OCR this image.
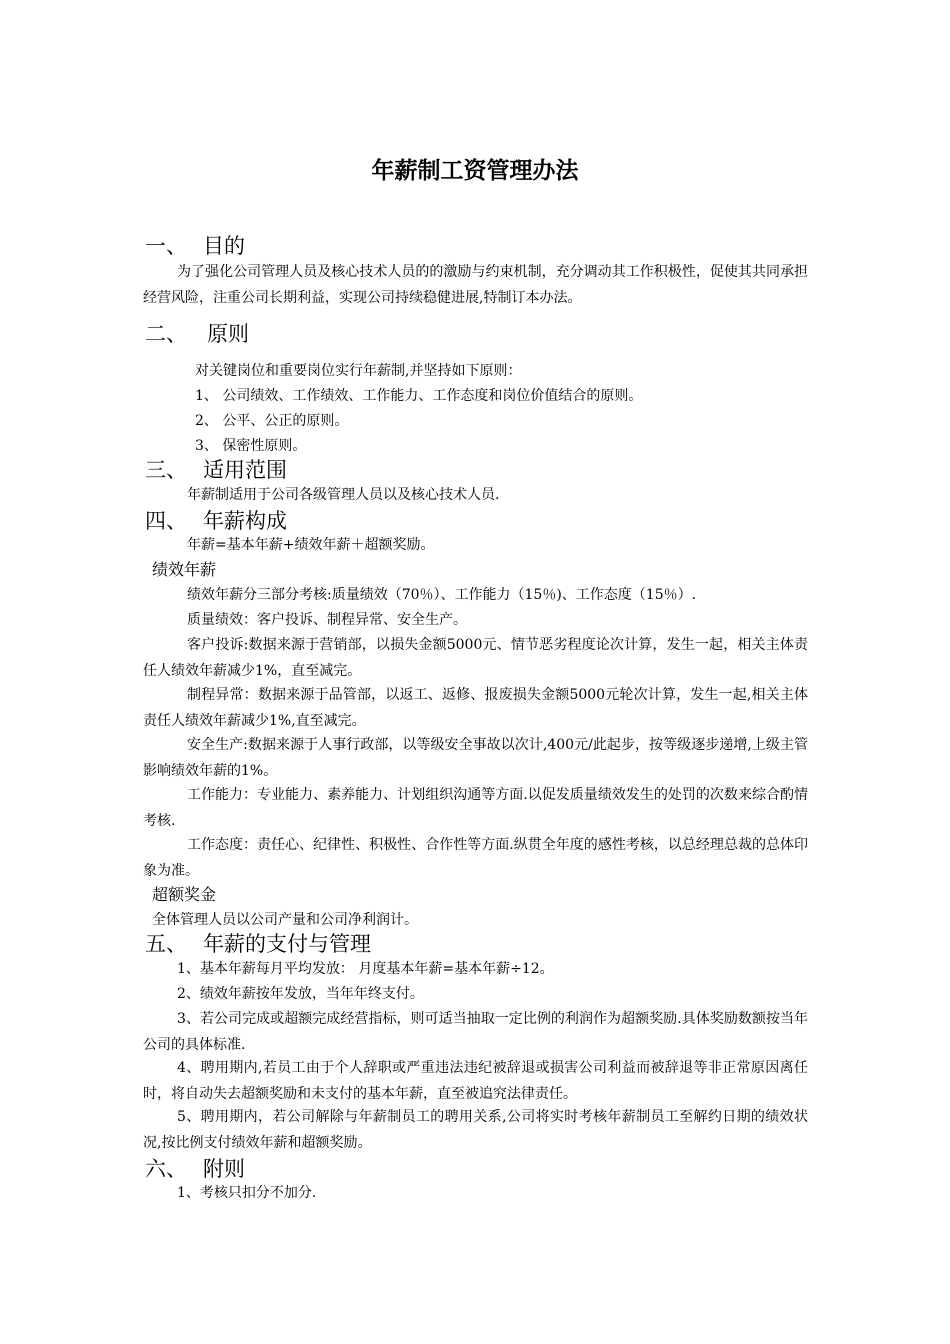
年薪制工资管理办法
一、 目的

为了强化公司管理人员及核心技术人员的的激励与约束机制，充分调动其工作积极性，促使其共同承担经营风险，注重公司长期利益，实现公司持续稳健进展,特制订本办法。

二、 原则

对关键岗位和重要岗位实行年薪制,并坚持如下原则：

1、 公司绩效、工作绩效、工作能力、工作态度和岗位价值结合的原则。

2、 公平、公正的原则。

3、 保密性原则。

三、 适用范围

年薪制适用于公司各级管理人员以及核心技术人员.

四、 年薪构成

年薪=基本年薪+绩效年薪＋超额奖励。

绩效年薪

绩效年薪分三部分考核:质量绩效（70％）、工作能力（15％)、工作态度（15％）.

质量绩效：客户投诉、制程异常、安全生产。

客户投诉:数据来源于营销部，以损失金额5000元、情节恶劣程度论次计算，发生一起，相关主体责任人绩效年薪减少1%，直至减完。

制程异常：数据来源于品管部，以返工、返修、报废损失金额5000元轮次计算，发生一起,相关主体责任人绩效年薪减少1%,直至减完。

安全生产:数据来源于人事行政部，以等级安全事故以次计,400元/此起步，按等级逐步递增,上级主管影响绩效年薪的1%。

工作能力：专业能力、素养能力、计划组织沟通等方面.以促发质量绩效发生的处罚的次数来综合酌情考核.

工作态度：责任心、纪律性、积极性、合作性等方面.纵贯全年度的感性考核，以总经理总裁的总体印象为准。

超额奖金

全体管理人员以公司产量和公司净利润计。

五、 年薪的支付与管理

1、基本年薪每月平均发放： 月度基本年薪=基本年薪÷12。

2、绩效年薪按年发放，当年年终支付。

3、若公司完成或超额完成经营指标，则可适当抽取一定比例的利润作为超额奖励.具体奖励数额按当年公司的具体标准.

4、聘用期内,若员工由于个人辞职或严重违法违纪被辞退或损害公司利益而被辞退等非正常原因离任时，将自动失去超额奖励和未支付的基本年薪，直至被追究法律责任。

5、聘用期内，若公司解除与年薪制员工的聘用关系,公司将实时考核年薪制员工至解约日期的绩效状况,按比例支付绩效年薪和超额奖励。

六、 附则

1、考核只扣分不加分.
